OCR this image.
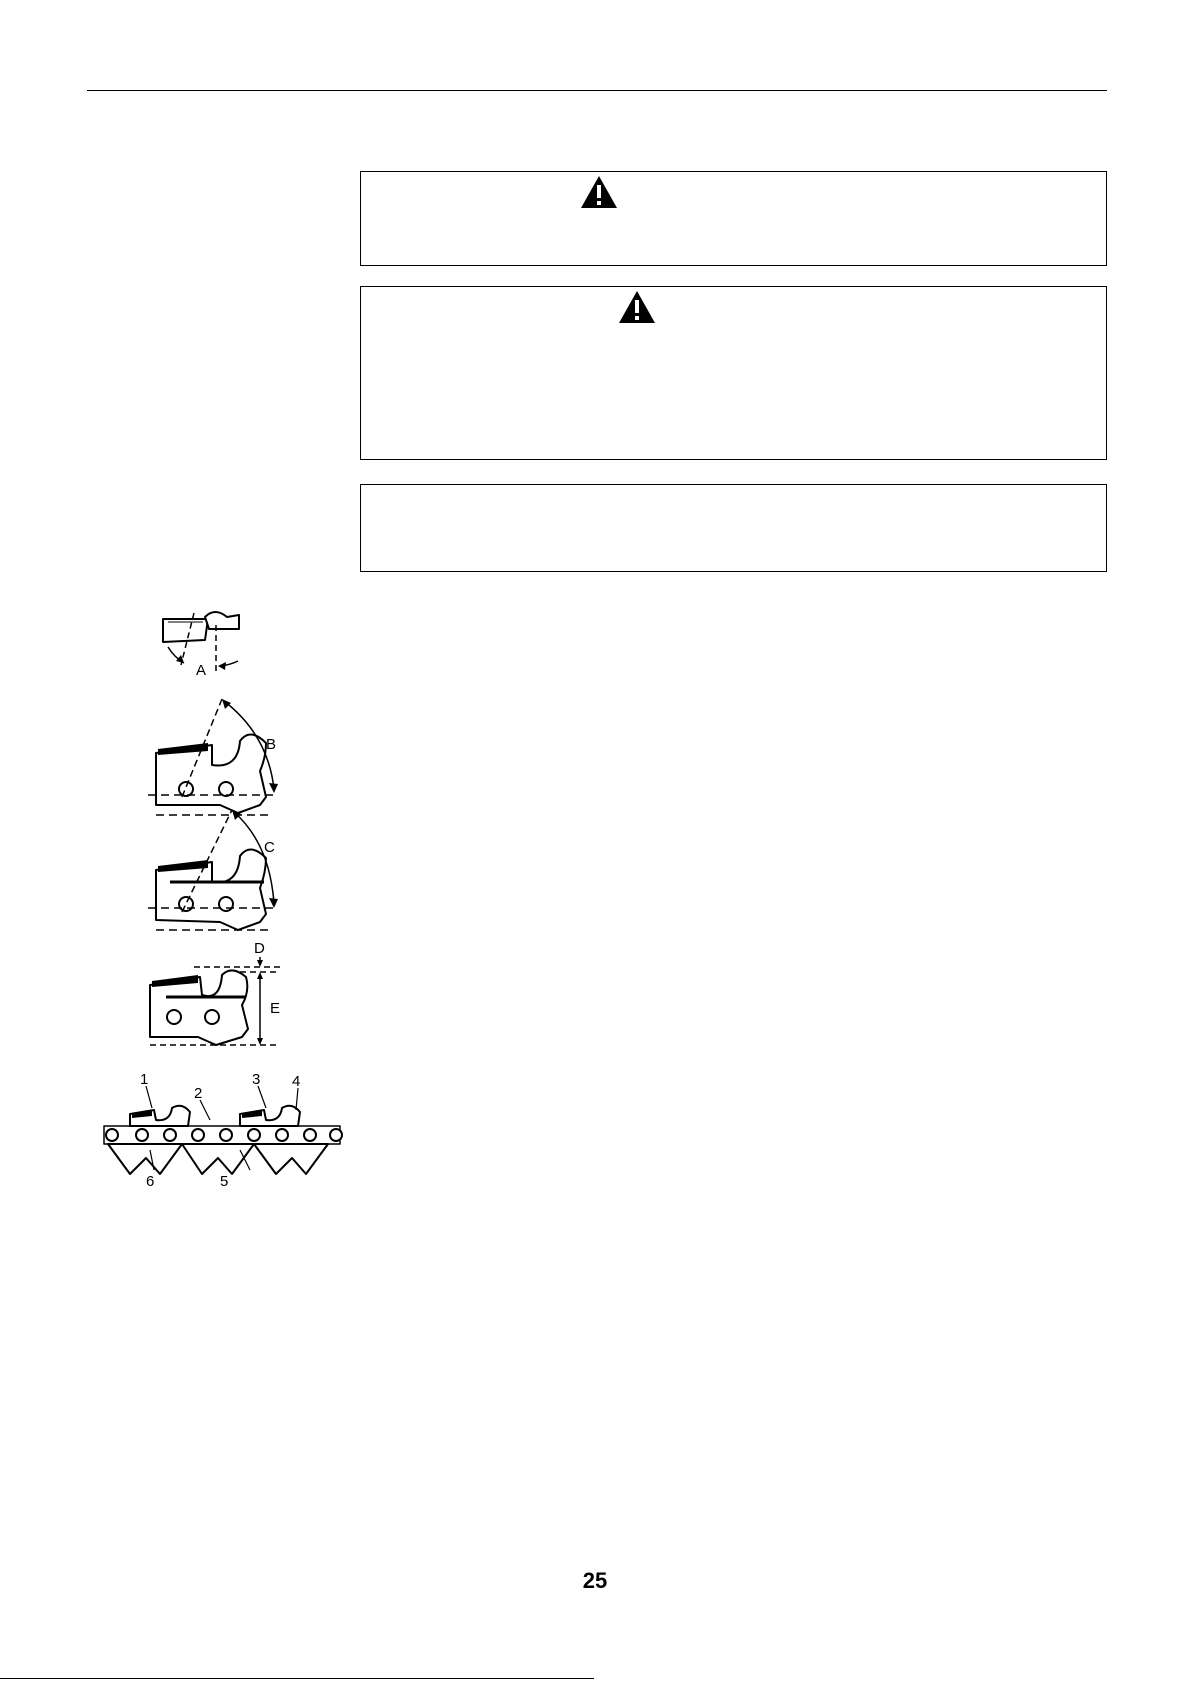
A
B
C
D
E
1
2
3 4
5
6
25
